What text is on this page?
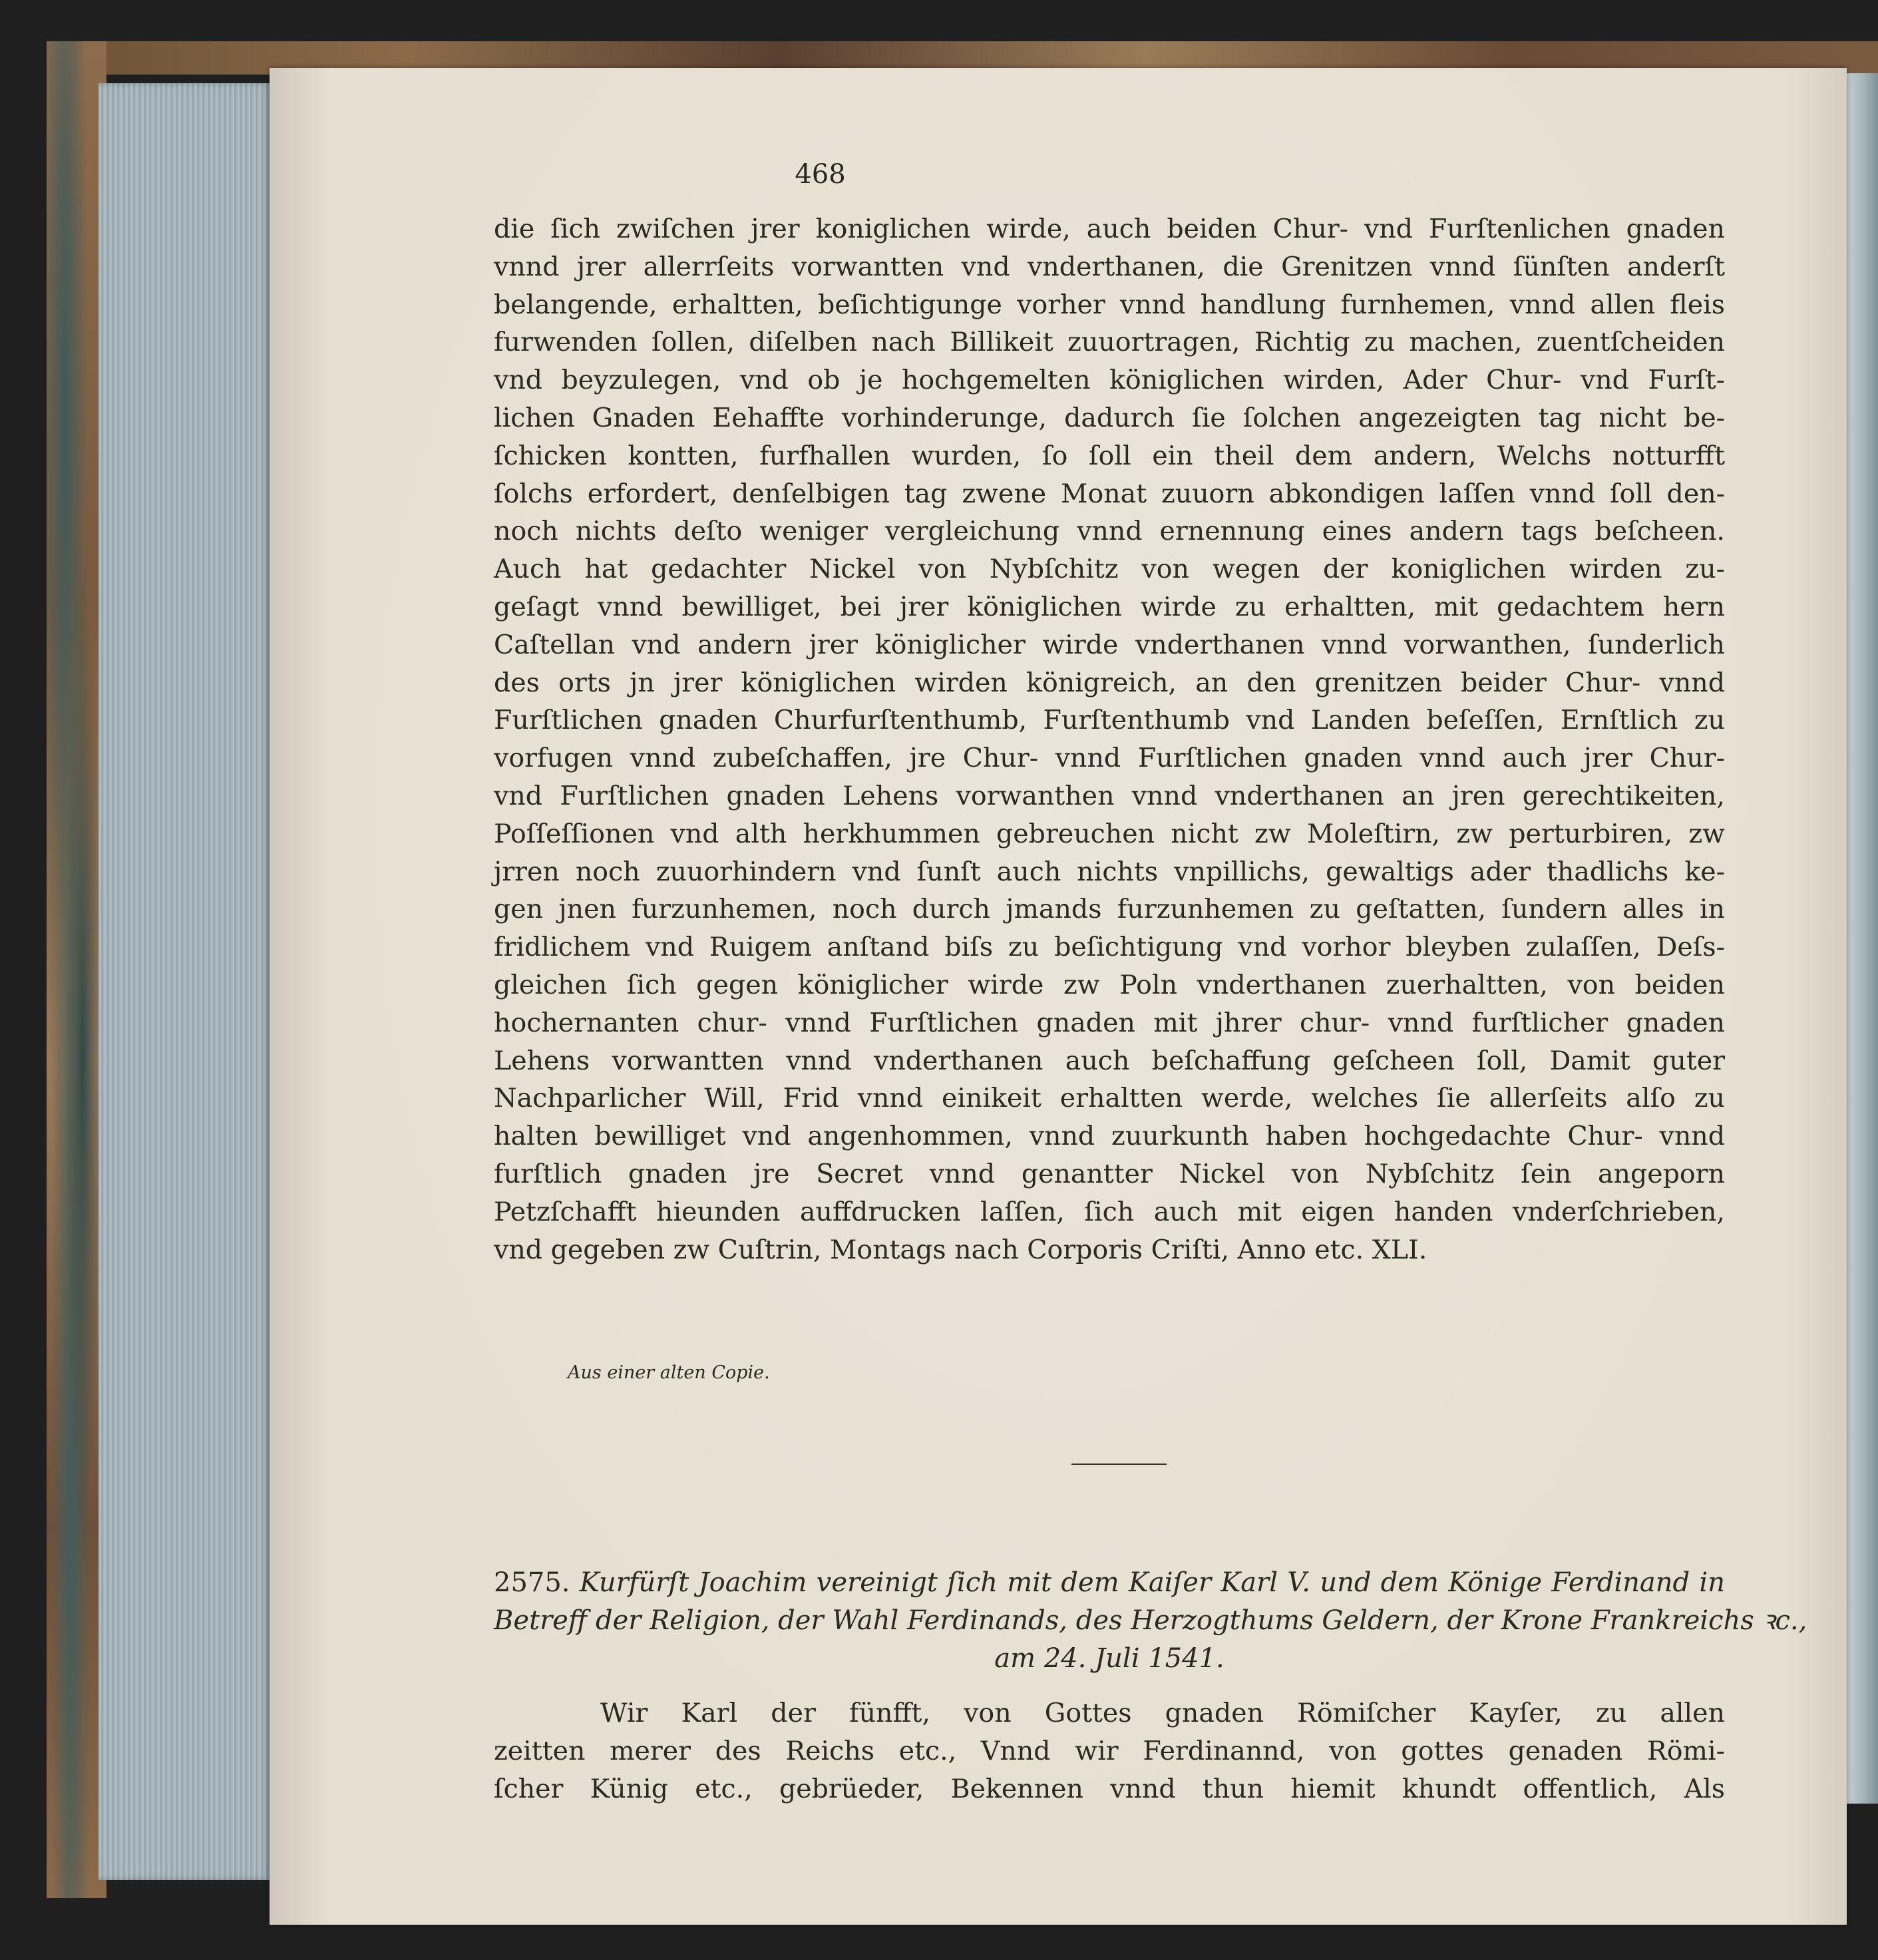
468
die ſich zwiſchen jrer koniglichen wirde, auch beiden Chur- vnd Furſtenlichen gnaden
vnnd jrer allerrſeits vorwantten vnd vnderthanen, die Grenitzen vnnd ſünſten anderſt
belangende, erhaltten, beſichtigunge vorher vnnd handlung furnhemen, vnnd allen fleis
furwenden ſollen, diſelben nach Billikeit zuuortragen, Richtig zu machen, zuentſcheiden
vnd beyzulegen, vnd ob je hochgemelten königlichen wirden, Ader Chur- vnd Furſt-
lichen Gnaden Eehaffte vorhinderunge, dadurch ſie ſolchen angezeigten tag nicht be-
ſchicken kontten, furfhallen wurden, ſo ſoll ein theil dem andern, Welchs notturfft
ſolchs erfordert, denſelbigen tag zwene Monat zuuorn abkondigen laſſen vnnd ſoll den-
noch nichts deſto weniger vergleichung vnnd ernennung eines andern tags beſcheen.
Auch hat gedachter Nickel von Nybſchitz von wegen der koniglichen wirden zu-
geſagt vnnd bewilliget, bei jrer königlichen wirde zu erhaltten, mit gedachtem hern
Caſtellan vnd andern jrer königlicher wirde vnderthanen vnnd vorwanthen, ſunderlich
des orts jn jrer königlichen wirden königreich, an den grenitzen beider Chur- vnnd
Furſtlichen gnaden Churfurſtenthumb, Furſtenthumb vnd Landen beſeſſen, Ernſtlich zu
vorfugen vnnd zubeſchaffen, jre Chur- vnnd Furſtlichen gnaden vnnd auch jrer Chur-
vnd Furſtlichen gnaden Lehens vorwanthen vnnd vnderthanen an jren gerechtikeiten,
Poſſeſſionen vnd alth herkhummen gebreuchen nicht zw Moleſtirn, zw perturbiren, zw
jrren noch zuuorhindern vnd ſunſt auch nichts vnpillichs, gewaltigs ader thadlichs ke-
gen jnen furzunhemen, noch durch jmands furzunhemen zu geſtatten, ſundern alles in
fridlichem vnd Ruigem anſtand biſs zu beſichtigung vnd vorhor bleyben zulaſſen, Deſs-
gleichen ſich gegen königlicher wirde zw Poln vnderthanen zuerhaltten, von beiden
hochernanten chur- vnnd Furſtlichen gnaden mit jhrer chur- vnnd furſtlicher gnaden
Lehens vorwantten vnnd vnderthanen auch beſchaffung geſcheen ſoll, Damit guter
Nachparlicher Will, Frid vnnd einikeit erhaltten werde, welches ſie allerſeits alſo zu
halten bewilliget vnd angenhommen, vnnd zuurkunth haben hochgedachte Chur- vnnd
furſtlich gnaden jre Secret vnnd genantter Nickel von Nybſchitz ſein angeporn
Petzſchafft hieunden auffdrucken laſſen, ſich auch mit eigen handen vnderſchrieben,
vnd gegeben zw Cuſtrin, Montags nach Corporis Criſti, Anno etc. XLI.
Aus einer alten Copie.
2575. Kurfürſt Joachim vereinigt ſich mit dem Kaiſer Karl V. und dem Könige Ferdinand in
Betreff der Religion, der Wahl Ferdinands, des Herzogthums Geldern, der Krone Frankreichs ꝛc.,
am 24. Juli 1541.
Wir Karl der fünfft, von Gottes gnaden Römiſcher Kayſer, zu allen
zeitten merer des Reichs etc., Vnnd wir Ferdinannd, von gottes genaden Römi-
ſcher Künig etc., gebrüeder, Bekennen vnnd thun hiemit khundt offentlich, Als
